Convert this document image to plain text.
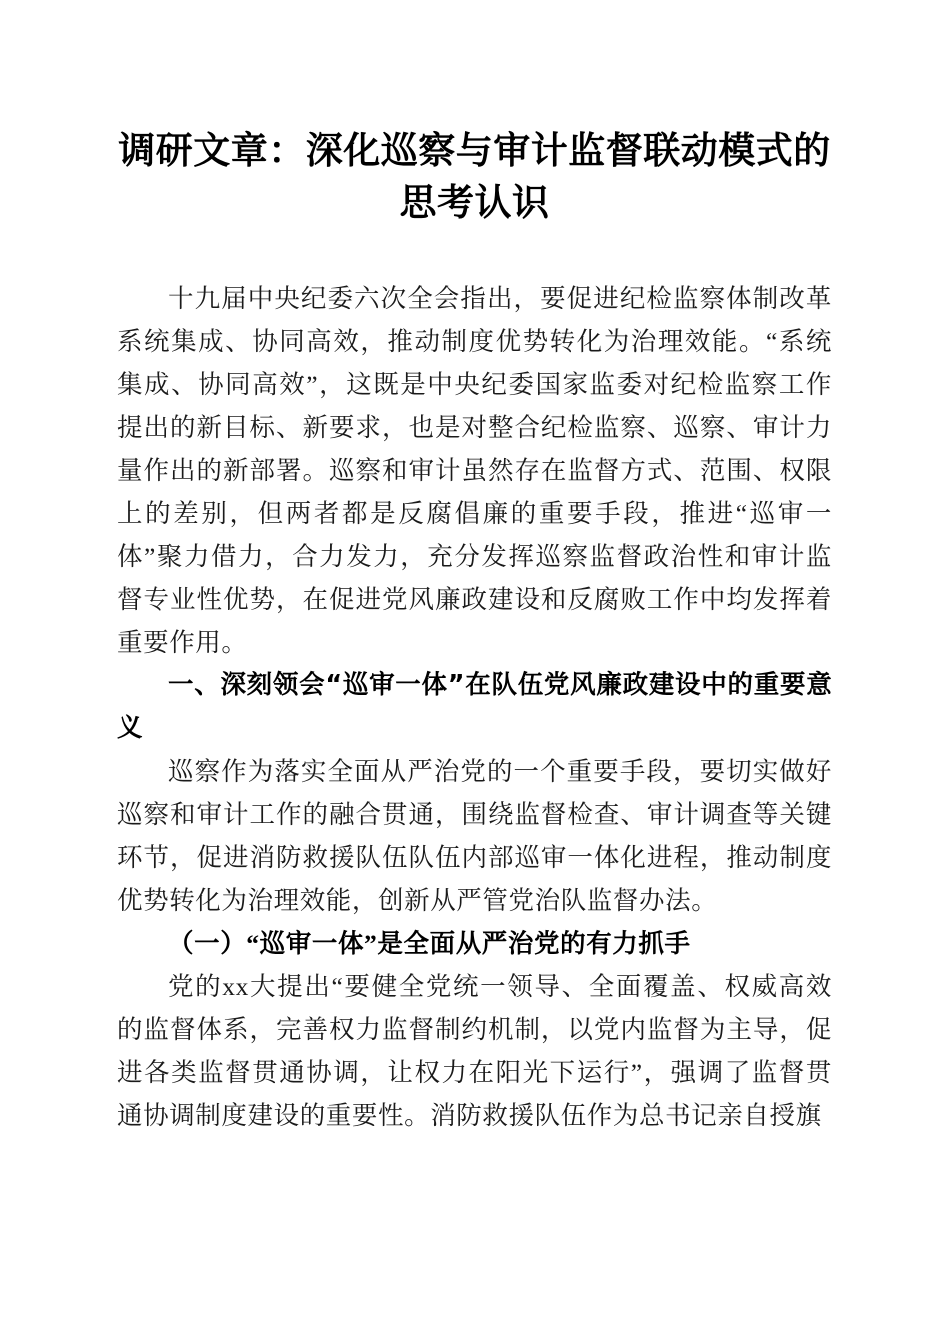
调研文章：深化巡察与审计监督联动模式的思考认识

十九届中央纪委六次全会指出，要促进纪检监察体制改革系统集成、协同高效，推动制度优势转化为治理效能。“系统集成、协同高效”，这既是中央纪委国家监委对纪检监察工作提出的新目标、新要求，也是对整合纪检监察、巡察、审计力量作出的新部署。巡察和审计虽然存在监督方式、范围、权限上的差别，但两者都是反腐倡廉的重要手段，推进“巡审一体”聚力借力，合力发力，充分发挥巡察监督政治性和审计监督专业性优势，在促进党风廉政建设和反腐败工作中均发挥着重要作用。

一、深刻领会“巡审一体”在队伍党风廉政建设中的重要意义

巡察作为落实全面从严治党的一个重要手段，要切实做好巡察和审计工作的融合贯通，围绕监督检查、审计调查等关键环节，促进消防救援队伍队伍内部巡审一体化进程，推动制度优势转化为治理效能，创新从严管党治队监督办法。

（一）“巡审一体”是全面从严治党的有力抓手

党的xx大提出“要健全党统一领导、全面覆盖、权威高效的监督体系，完善权力监督制约机制，以党内监督为主导，促进各类监督贯通协调，让权力在阳光下运行”，强调了监督贯通协调制度建设的重要性。消防救援队伍作为总书记亲自授旗
